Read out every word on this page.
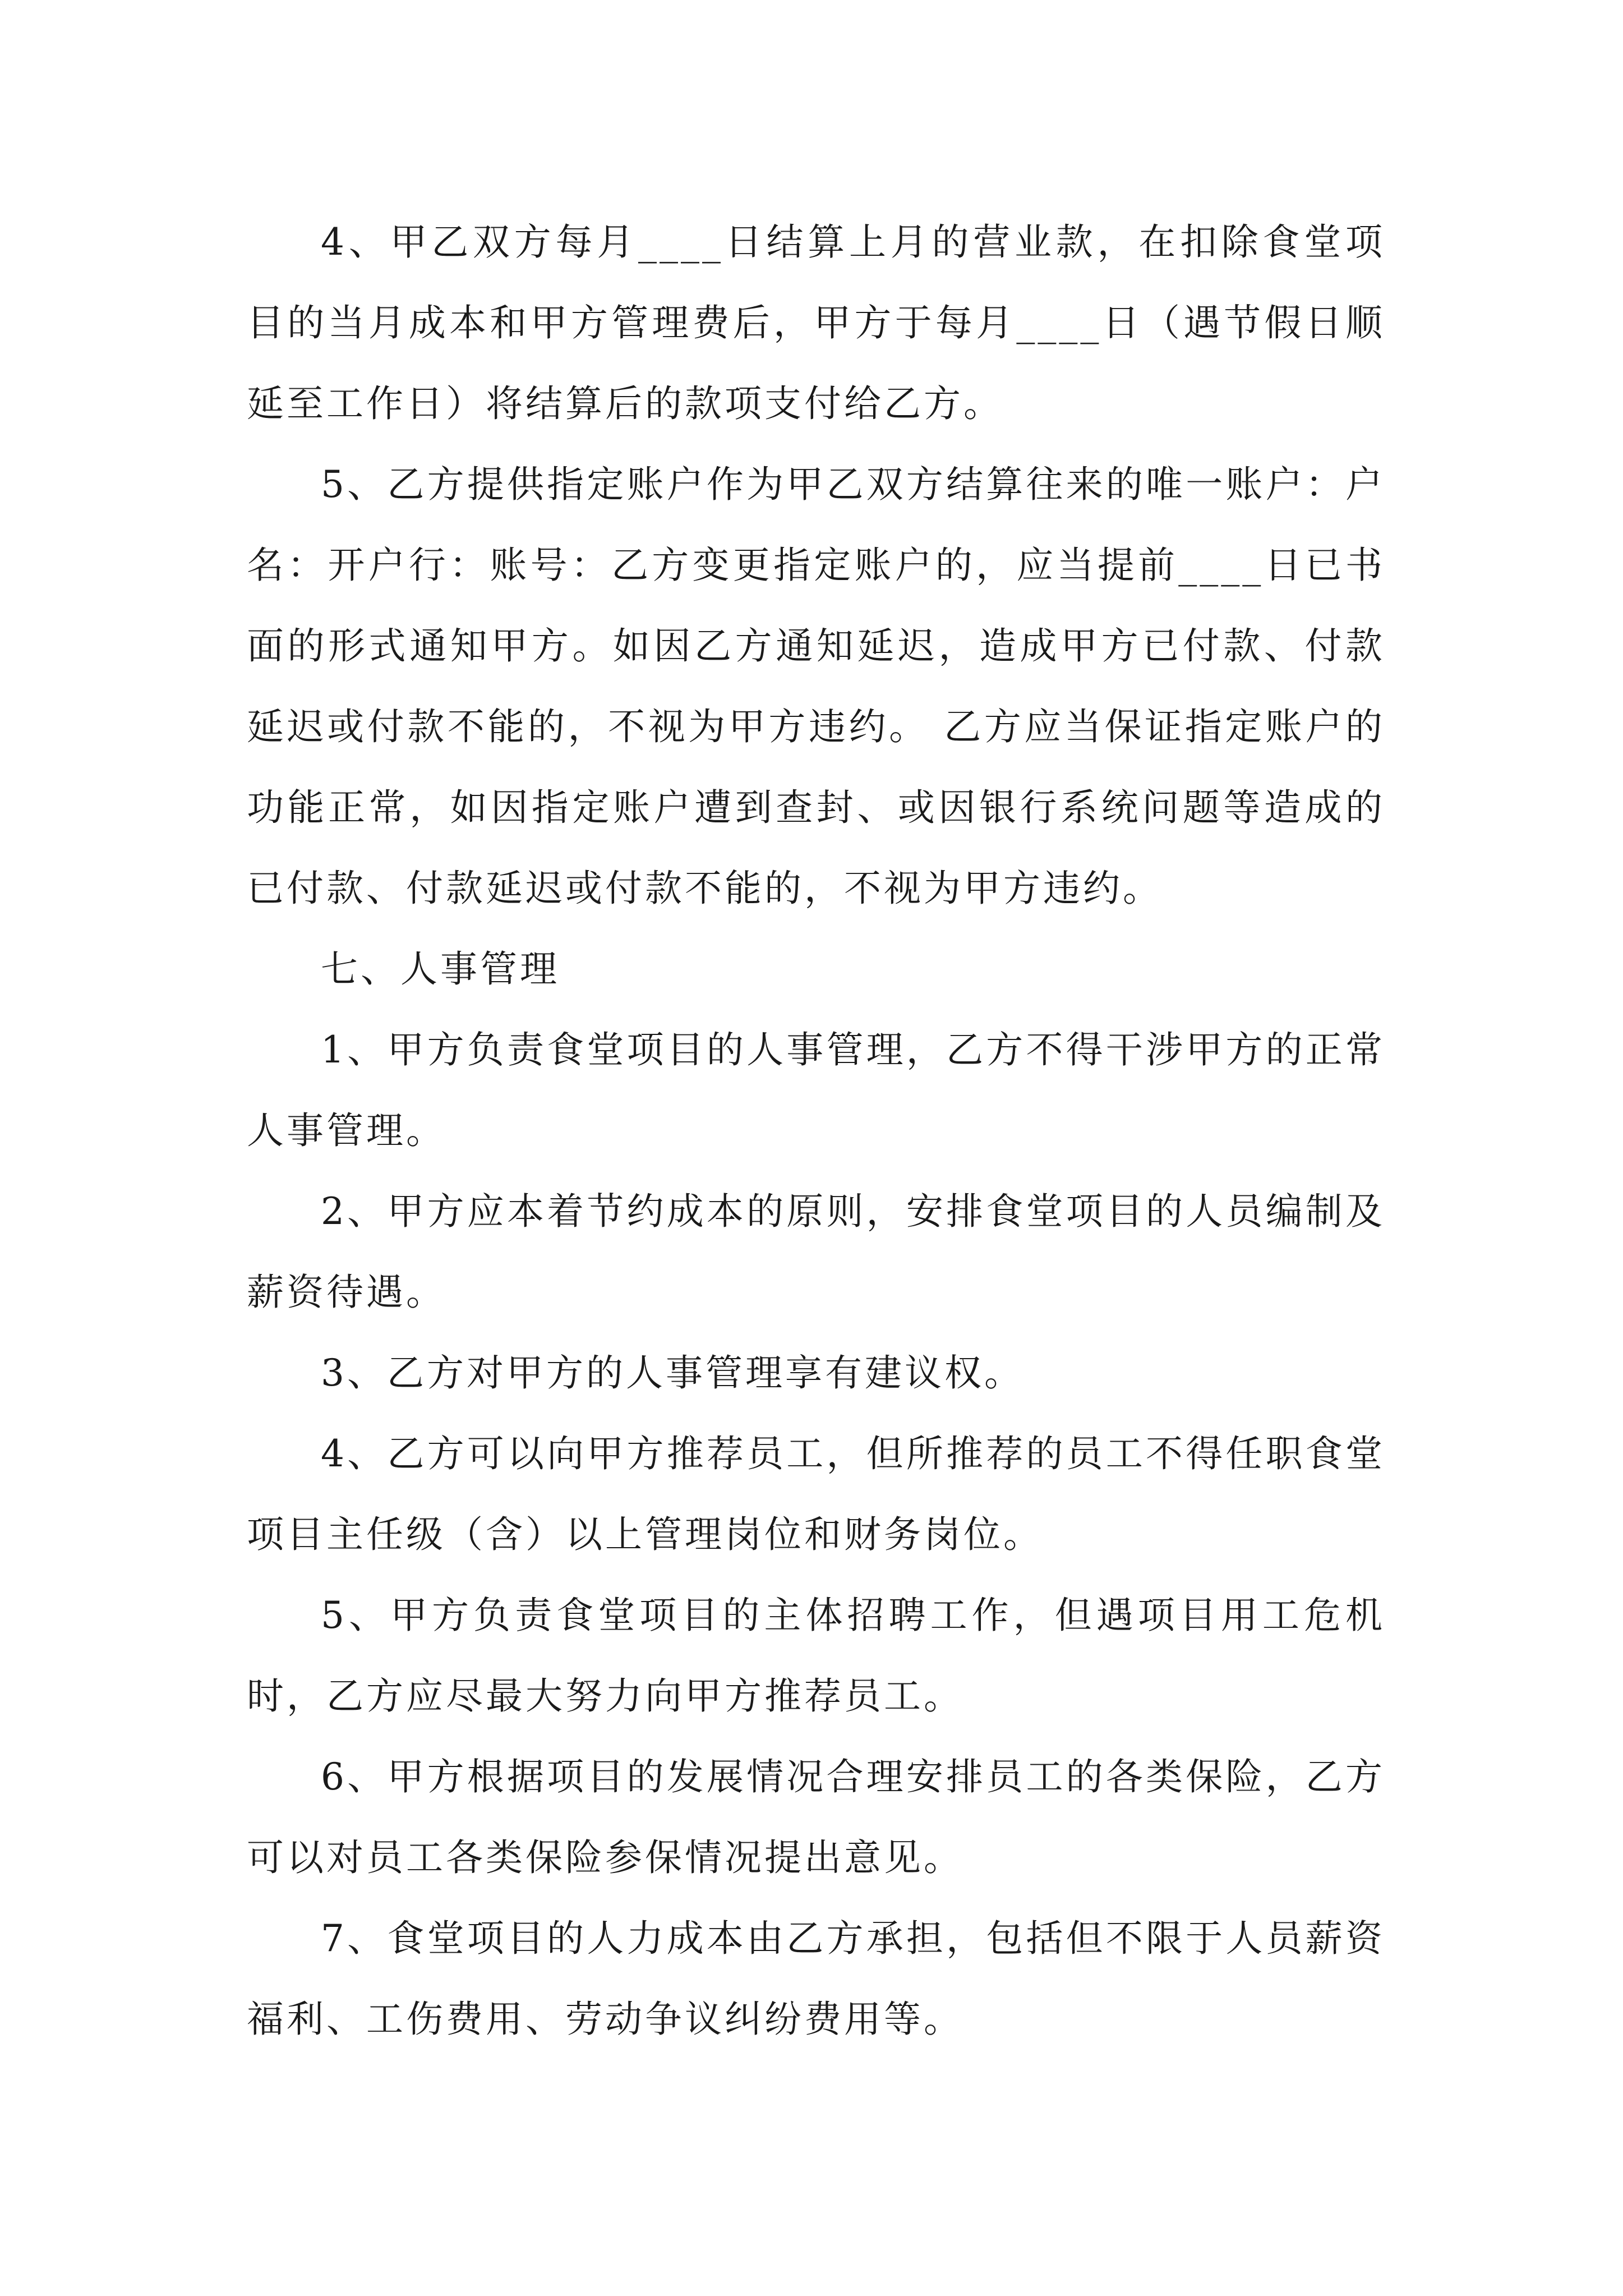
4、甲乙双方每月____日结算上月的营业款，在扣除食堂项目的当月成本和甲方管理费后，甲方于每月____日（遇节假日顺延至工作日）将结算后的款项支付给乙方。

5、乙方提供指定账户作为甲乙双方结算往来的唯一账户：户名：开户行：账号：乙方变更指定账户的，应当提前____日已书面的形式通知甲方。如因乙方通知延迟，造成甲方已付款、付款延迟或付款不能的，不视为甲方违约。 乙方应当保证指定账户的功能正常，如因指定账户遭到查封、或因银行系统问题等造成的已付款、付款延迟或付款不能的，不视为甲方违约。

七、人事管理

1、甲方负责食堂项目的人事管理，乙方不得干涉甲方的正常人事管理。

2、甲方应本着节约成本的原则，安排食堂项目的人员编制及薪资待遇。

3、乙方对甲方的人事管理享有建议权。

4、乙方可以向甲方推荐员工，但所推荐的员工不得任职食堂项目主任级（含）以上管理岗位和财务岗位。

5、甲方负责食堂项目的主体招聘工作，但遇项目用工危机时，乙方应尽最大努力向甲方推荐员工。

6、甲方根据项目的发展情况合理安排员工的各类保险，乙方可以对员工各类保险参保情况提出意见。

7、食堂项目的人力成本由乙方承担，包括但不限于人员薪资福利、工伤费用、劳动争议纠纷费用等。
